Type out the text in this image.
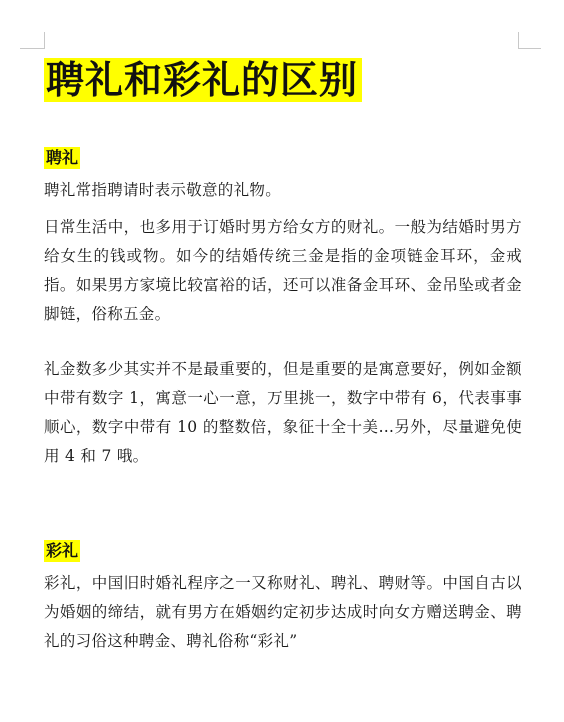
聘礼和彩礼的区别
聘礼

聘礼常指聘请时表示敬意的礼物。

日常生活中，也多用于订婚时男方给女方的财礼。一般为结婚时男方给女生的钱或物。如今的结婚传统三金是指的金项链金耳环，金戒指。如果男方家境比较富裕的话，还可以准备金耳环、金吊坠或者金脚链，俗称五金。

礼金数多少其实并不是最重要的，但是重要的是寓意要好，例如金额中带有数字 1，寓意一心一意，万里挑一，数字中带有 6，代表事事顺心，数字中带有 10 的整数倍，象征十全十美…另外，尽量避免使用 4 和 7 哦。

彩礼

彩礼，中国旧时婚礼程序之一又称财礼、聘礼、聘财等。中国自古以为婚姻的缔结，就有男方在婚姻约定初步达成时向女方赠送聘金、聘礼的习俗这种聘金、聘礼俗称“彩礼”
